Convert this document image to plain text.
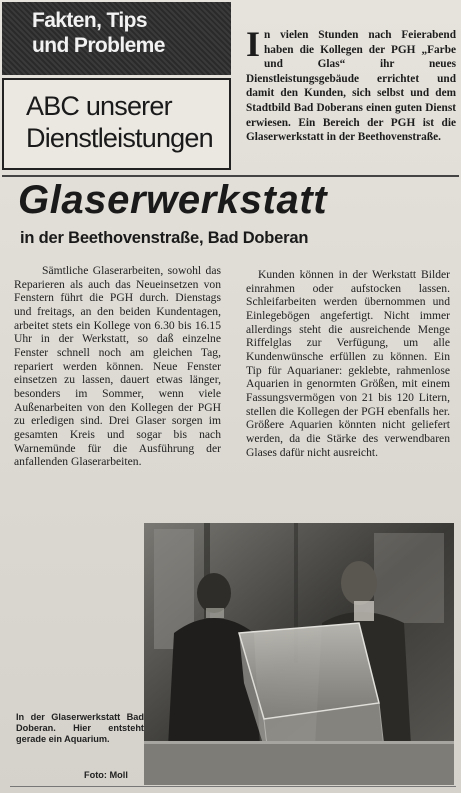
Fakten, Tips
und Probleme
ABC unserer
Dienstleistungen
I n vielen Stunden nach Feierabend haben die Kollegen der PGH „Farbe und Glas“ ihr neues Dienstleistungsgebäude errichtet und damit den Kunden, sich selbst und dem Stadtbild Bad Doberans einen guten Dienst erwiesen. Ein Bereich der PGH ist die Glaserwerkstatt in der Beethovenstraße.
Glaserwerkstatt
in der Beethovenstraße, Bad Doberan
Sämtliche Glaserarbeiten, sowohl das Reparieren als auch das Neueinsetzen von Fenstern führt die PGH durch. Dienstags und freitags, an den beiden Kundentagen, arbeitet stets ein Kollege von 6.30 bis 16.15 Uhr in der Werkstatt, so daß einzelne Fenster schnell noch am gleichen Tag, repariert werden können. Neue Fenster einsetzen zu lassen, dauert etwas länger, besonders im Sommer, wenn viele Außenarbeiten von den Kollegen der PGH zu erledigen sind. Drei Glaser sorgen im gesamten Kreis und sogar bis nach Warnemünde für die Ausführung der anfallenden Glaserarbeiten.
Kunden können in der Werkstatt Bilder einrahmen oder aufstocken lassen. Schleifarbeiten werden übernommen und Einlegebögen angefertigt. Nicht immer allerdings steht die ausreichende Menge Riffelglas zur Verfügung, um alle Kundenwünsche erfüllen zu können. Ein Tip für Aquarianer: geklebte, rahmenlose Aquarien in genormten Größen, mit einem Fassungsvermögen von 21 bis 120 Litern, stellen die Kollegen der PGH ebenfalls her. Größere Aquarien könnten nicht geliefert werden, da die Stärke des verwendbaren Glases dafür nicht ausreicht.
In der Glaserwerkstatt Bad Doberan. Hier entsteht gerade ein Aquarium.
Foto: Moll
